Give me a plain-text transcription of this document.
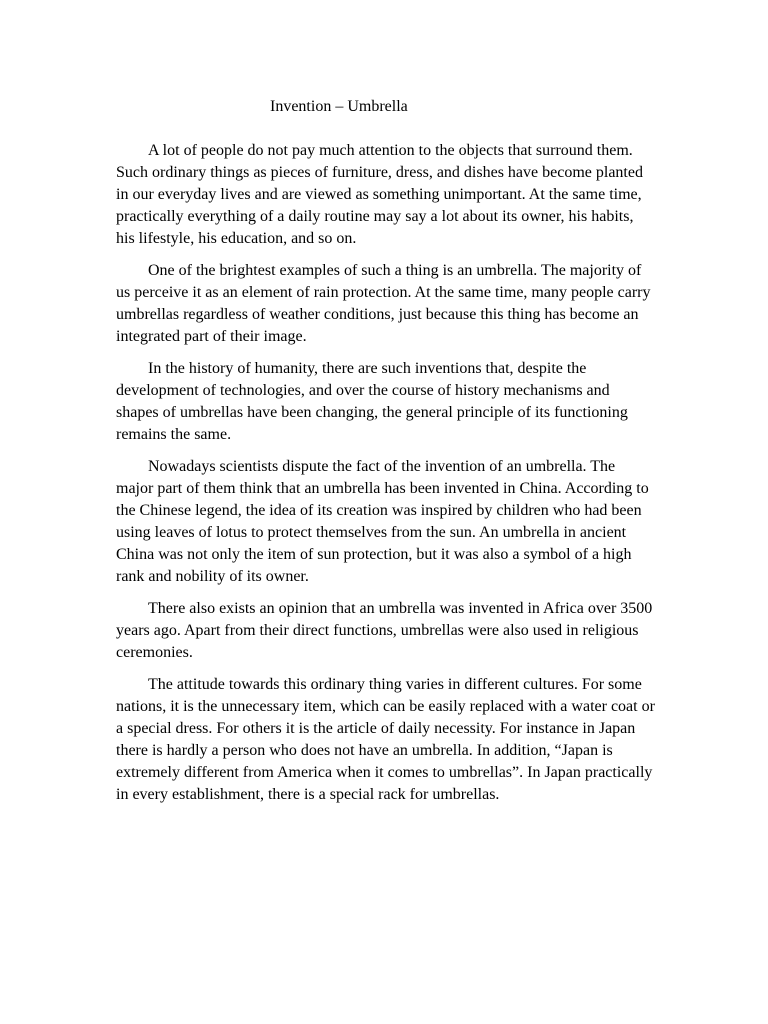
Invention – Umbrella

A lot of people do not pay much attention to the objects that surround them. Such ordinary things as pieces of furniture, dress, and dishes have become planted in our everyday lives and are viewed as something unimportant. At the same time, practically everything of a daily routine may say a lot about its owner, his habits, his lifestyle, his education, and so on.

One of the brightest examples of such a thing is an umbrella. The majority of us perceive it as an element of rain protection. At the same time, many people carry umbrellas regardless of weather conditions, just because this thing has become an integrated part of their image.

In the history of humanity, there are such inventions that, despite the development of technologies, and over the course of history mechanisms and shapes of umbrellas have been changing, the general principle of its functioning remains the same.

Nowadays scientists dispute the fact of the invention of an umbrella. The major part of them think that an umbrella has been invented in China. According to the Chinese legend, the idea of its creation was inspired by children who had been using leaves of lotus to protect themselves from the sun. An umbrella in ancient China was not only the item of sun protection, but it was also a symbol of a high rank and nobility of its owner.

There also exists an opinion that an umbrella was invented in Africa over 3500 years ago. Apart from their direct functions, umbrellas were also used in religious ceremonies.

The attitude towards this ordinary thing varies in different cultures. For some nations, it is the unnecessary item, which can be easily replaced with a water coat or a special dress. For others it is the article of daily necessity. For instance in Japan there is hardly a person who does not have an umbrella. In addition, “Japan is extremely different from America when it comes to umbrellas”. In Japan practically in every establishment, there is a special rack for umbrellas.
